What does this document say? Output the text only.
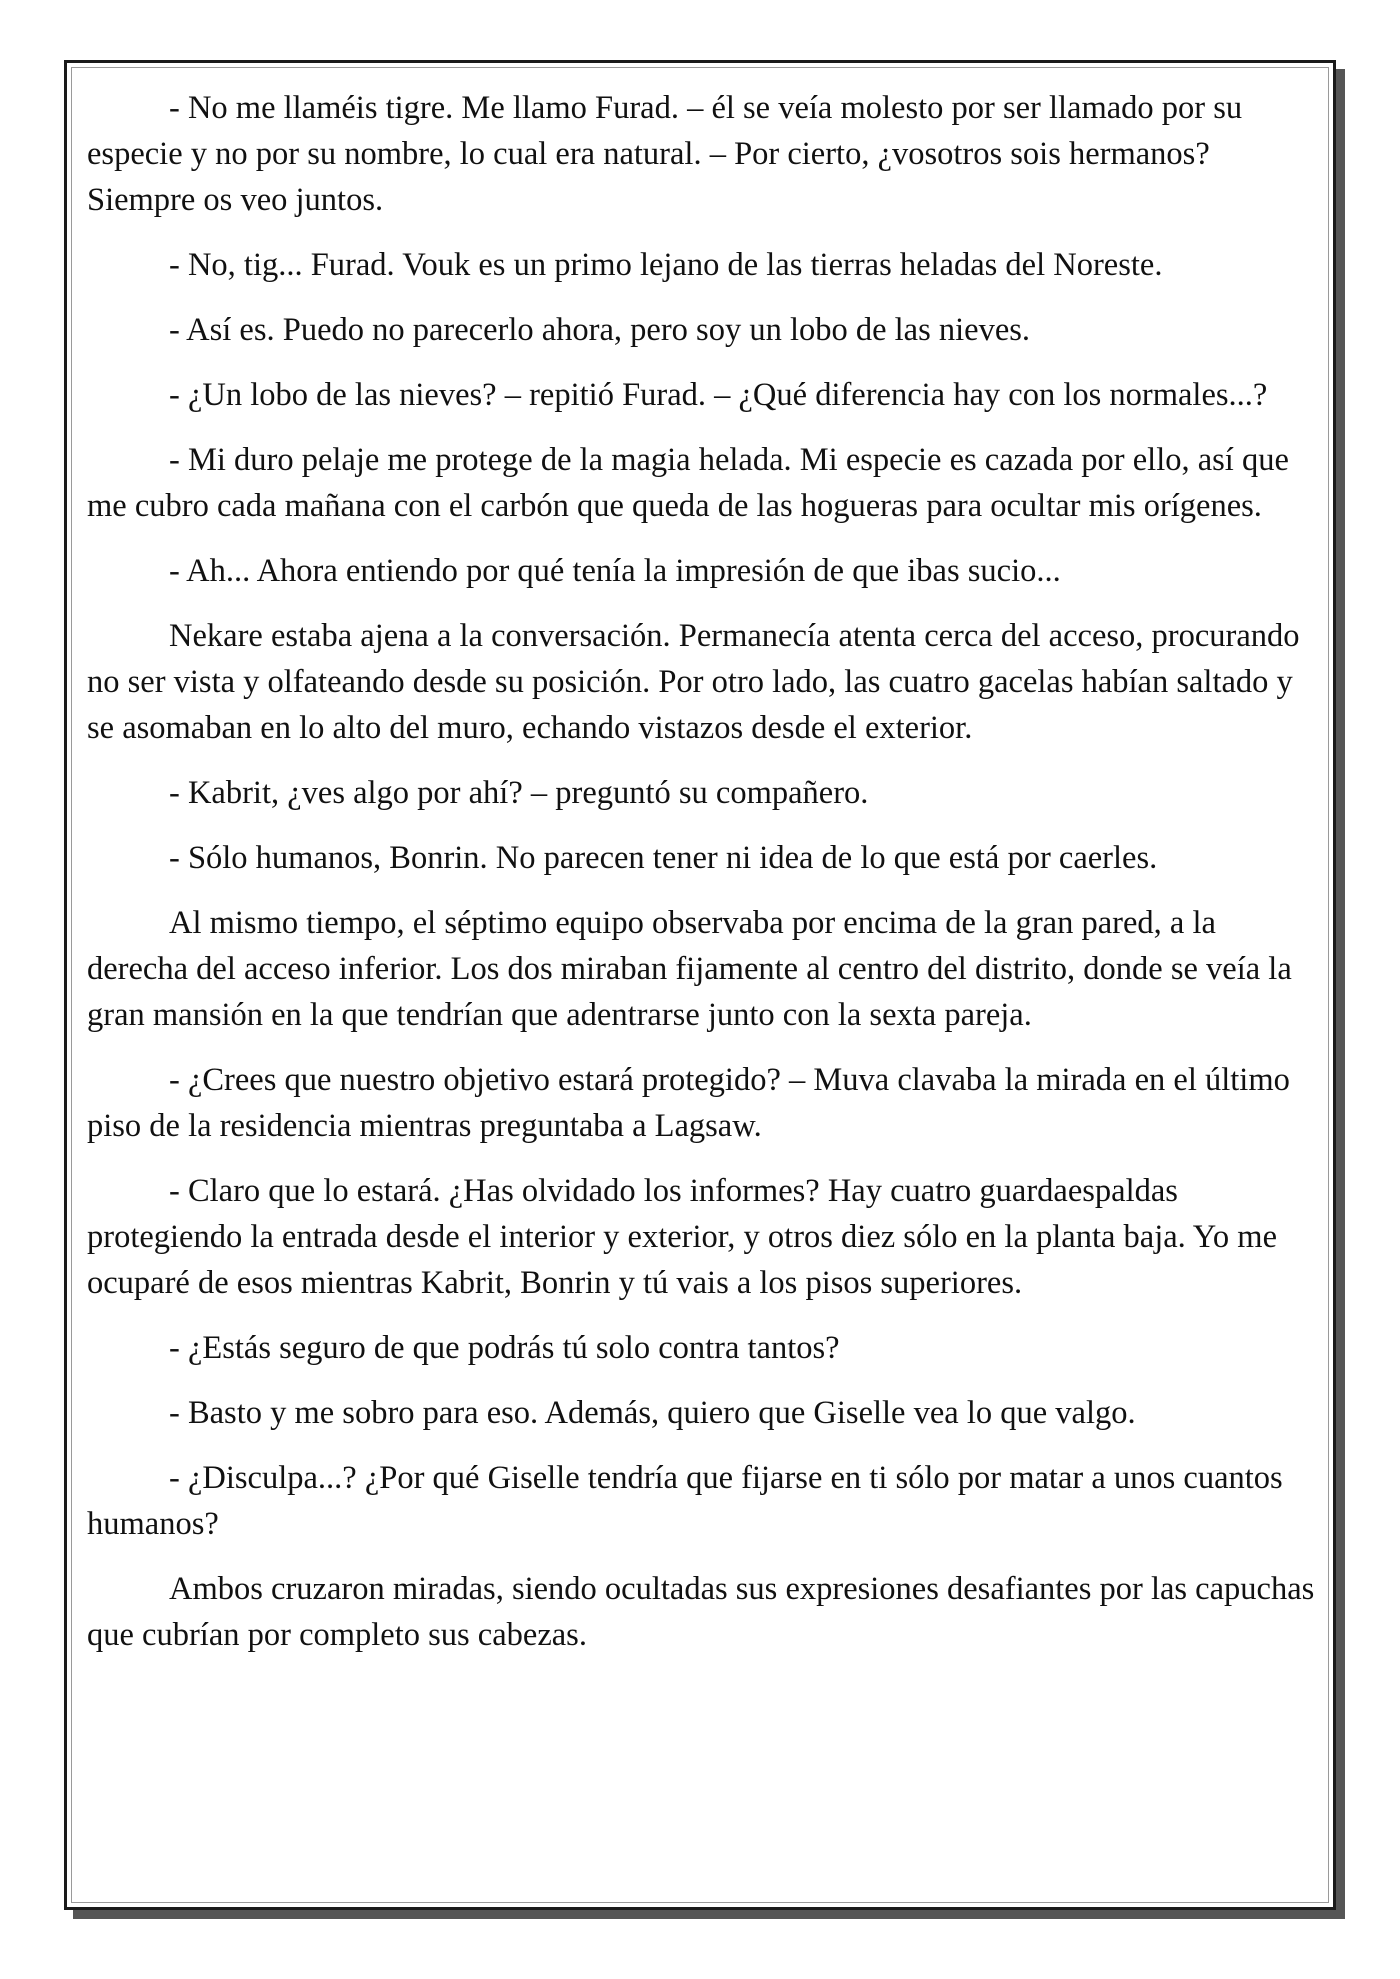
- No me llaméis tigre. Me llamo Furad. – él se veía molesto por ser llamado por su especie y no por su nombre, lo cual era natural. – Por cierto, ¿vosotros sois hermanos? Siempre os veo juntos.

- No, tig... Furad. Vouk es un primo lejano de las tierras heladas del Noreste.

- Así es. Puedo no parecerlo ahora, pero soy un lobo de las nieves.

- ¿Un lobo de las nieves? – repitió Furad. – ¿Qué diferencia hay con los normales...?

- Mi duro pelaje me protege de la magia helada. Mi especie es cazada por ello, así que me cubro cada mañana con el carbón que queda de las hogueras para ocultar mis orígenes.

- Ah... Ahora entiendo por qué tenía la impresión de que ibas sucio...

Nekare estaba ajena a la conversación. Permanecía atenta cerca del acceso, procurando no ser vista y olfateando desde su posición. Por otro lado, las cuatro gacelas habían saltado y se asomaban en lo alto del muro, echando vistazos desde el exterior.

- Kabrit, ¿ves algo por ahí? – preguntó su compañero.

- Sólo humanos, Bonrin. No parecen tener ni idea de lo que está por caerles.

Al mismo tiempo, el séptimo equipo observaba por encima de la gran pared, a la derecha del acceso inferior. Los dos miraban fijamente al centro del distrito, donde se veía la gran mansión en la que tendrían que adentrarse junto con la sexta pareja.

- ¿Crees que nuestro objetivo estará protegido? – Muva clavaba la mirada en el último piso de la residencia mientras preguntaba a Lagsaw.

- Claro que lo estará. ¿Has olvidado los informes? Hay cuatro guardaespaldas protegiendo la entrada desde el interior y exterior, y otros diez sólo en la planta baja. Yo me ocuparé de esos mientras Kabrit, Bonrin y tú vais a los pisos superiores.

- ¿Estás seguro de que podrás tú solo contra tantos?

- Basto y me sobro para eso. Además, quiero que Giselle vea lo que valgo.

- ¿Disculpa...? ¿Por qué Giselle tendría que fijarse en ti sólo por matar a unos cuantos humanos?

Ambos cruzaron miradas, siendo ocultadas sus expresiones desafiantes por las capuchas que cubrían por completo sus cabezas.
